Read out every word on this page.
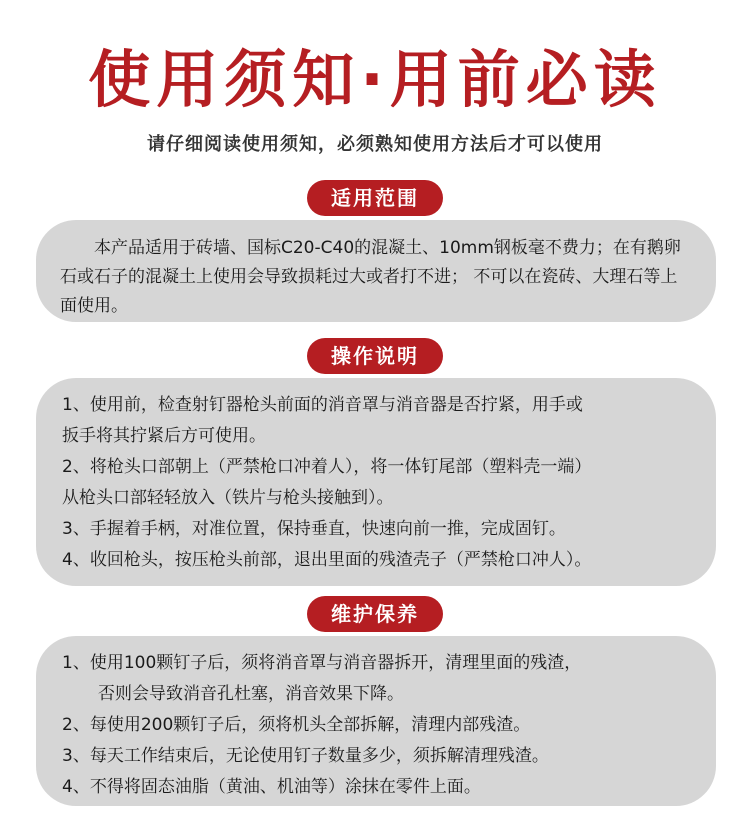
使用须知·用前必读
请仔细阅读使用须知，必须熟知使用方法后才可以使用
适用范围
本产品适用于砖墙、国标C20-C40的混凝土、10mm钢板毫不费力；在有鹅卵石或石子的混凝土上使用会导致损耗过大或者打不进； 不可以在瓷砖、大理石等上面使用。
操作说明
1、使用前，检查射钉器枪头前面的消音罩与消音器是否拧紧，用手或
扳手将其拧紧后方可使用。
2、将枪头口部朝上（严禁枪口冲着人），将一体钉尾部（塑料壳一端）
从枪头口部轻轻放入（铁片与枪头接触到）。
3、手握着手柄，对准位置，保持垂直，快速向前一推，完成固钉。
4、收回枪头，按压枪头前部，退出里面的残渣壳子（严禁枪口冲人）。
维护保养
1、使用100颗钉子后，须将消音罩与消音器拆开，清理里面的残渣，
否则会导致消音孔杜塞，消音效果下降。
2、每使用200颗钉子后，须将机头全部拆解，清理内部残渣。
3、每天工作结束后，无论使用钉子数量多少，须拆解清理残渣。
4、不得将固态油脂（黄油、机油等）涂抹在零件上面。
